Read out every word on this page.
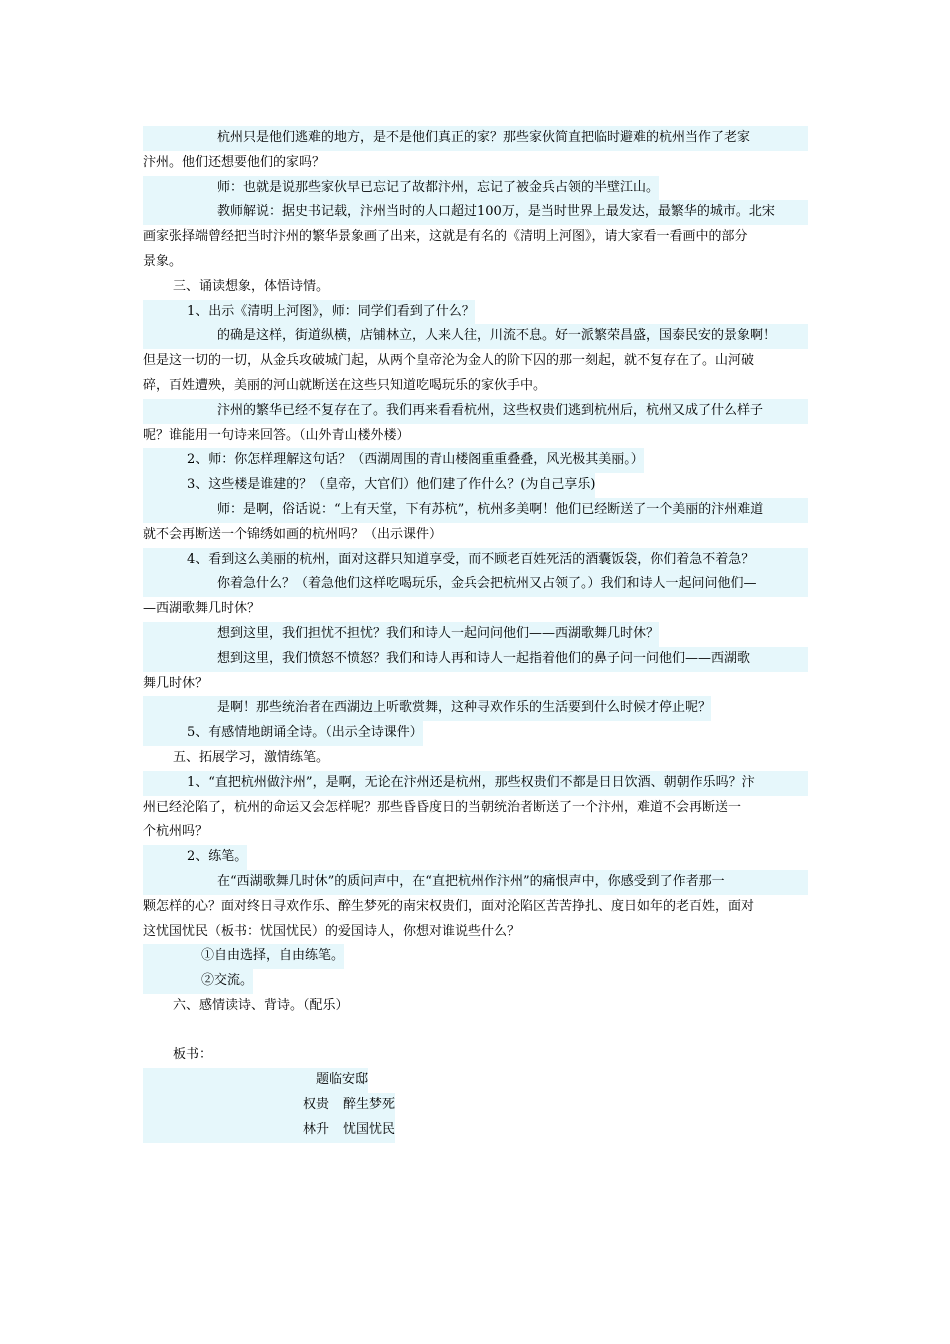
杭州只是他们逃难的地方，是不是他们真正的家？那些家伙简直把临时避难的杭州当作了老家
汴州。他们还想要他们的家吗？
师：也就是说那些家伙早已忘记了故都汴州，忘记了被金兵占领的半壁江山。
教师解说：据史书记载，汴州当时的人口超过100万，是当时世界上最发达，最繁华的城市。北宋
画家张择端曾经把当时汴州的繁华景象画了出来，这就是有名的《清明上河图》，请大家看一看画中的部分
景象。
三、诵读想象，体悟诗情。
1、出示《清明上河图》，师：同学们看到了什么？
的确是这样，街道纵横，店铺林立，人来人往，川流不息。好一派繁荣昌盛，国泰民安的景象啊！
但是这一切的一切，从金兵攻破城门起，从两个皇帝沦为金人的阶下囚的那一刻起，就不复存在了。山河破
碎，百姓遭殃，美丽的河山就断送在这些只知道吃喝玩乐的家伙手中。
汴州的繁华已经不复存在了。我们再来看看杭州，这些权贵们逃到杭州后，杭州又成了什么样子
呢？谁能用一句诗来回答。（山外青山楼外楼）
2、师：你怎样理解这句话？（西湖周围的青山楼阁重重叠叠，风光极其美丽。）
3、这些楼是谁建的？（皇帝，大官们）他们建了作什么？(为自己享乐)
师：是啊，俗话说：“上有天堂，下有苏杭”，杭州多美啊！他们已经断送了一个美丽的汴州难道
就不会再断送一个锦绣如画的杭州吗？（出示课件）
4、看到这么美丽的杭州，面对这群只知道享受，而不顾老百姓死活的酒囊饭袋，你们着急不着急？
你着急什么？（着急他们这样吃喝玩乐，金兵会把杭州又占领了。）我们和诗人一起问问他们—
—西湖歌舞几时休？
想到这里，我们担忧不担忧？我们和诗人一起问问他们——西湖歌舞几时休？
想到这里，我们愤怒不愤怒？我们和诗人再和诗人一起指着他们的鼻子问一问他们——西湖歌
舞几时休？
是啊！那些统治者在西湖边上听歌赏舞，这种寻欢作乐的生活要到什么时候才停止呢？
5、有感情地朗诵全诗。（出示全诗课件）
五、拓展学习，激情练笔。
1、“直把杭州做汴州”，是啊，无论在汴州还是杭州，那些权贵们不都是日日饮酒、朝朝作乐吗？汴
州已经沦陷了，杭州的命运又会怎样呢？那些昏昏度日的当朝统治者断送了一个汴州，难道不会再断送一
个杭州吗？
2、练笔。
在“西湖歌舞几时休”的质问声中，在“直把杭州作汴州”的痛恨声中，你感受到了作者那一
颗怎样的心？面对终日寻欢作乐、醉生梦死的南宋权贵们，面对沦陷区苦苦挣扎、度日如年的老百姓，面对
这忧国忧民（板书：忧国忧民）的爱国诗人，你想对谁说些什么？
①自由选择，自由练笔。
②交流。
六、感情读诗、背诗。（配乐）
板书：
题临安邸
权贵 醉生梦死
林升 忧国忧民
